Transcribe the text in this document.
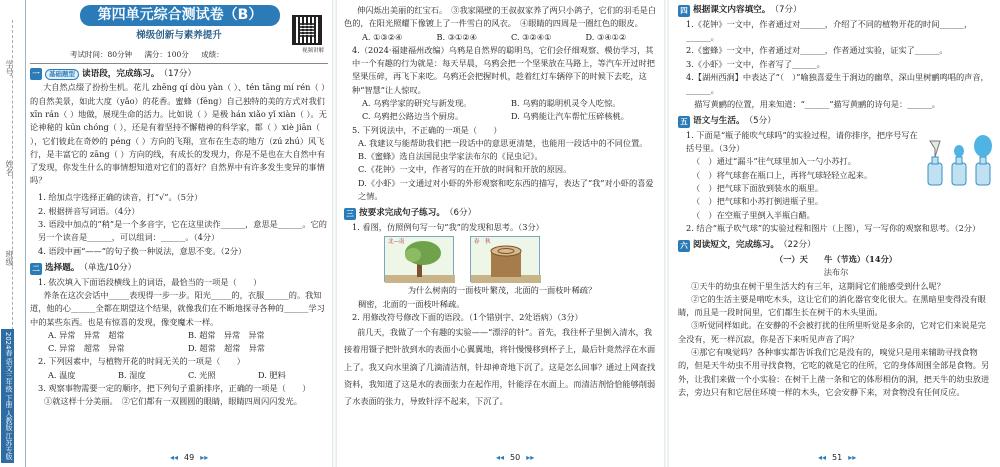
学号
姓名
班级
2024春 语文三年级 下册 人教版 江苏专版
第四单元综合测试卷（B）
梯级创新与素养提升
视频讲解
考试时间：80分钟 满分：100分 成绩：
一	基础题型 读语段，完成练习。 （17分）

大自然点缀了扮扮生机。花儿 zhēng qí dòu yàn（ ）、tén tāng mí rén（ ）的自然美景，如此大度（yǎo）的花香。蜜蜂（fēng）自己独特的美的方式对我们 xīn rán（ ）地做，展现生命的活力。比如说（ ）是极 hán xiǎo yǐ xiàn（ ）。无论神秘的 kūn chóng（ ），还是有着坚持不懈精神的科学家，都（ ）xiè jiān（ ），它们彼此在奇妙的 péng（ ）方向的飞翔，宣布在生态的地方（zú zhú）风飞行，是丰富它的 zāng（ ）方向的线，有成长的发现力，你是不是也在大自然中有了发现，你发生什么的事情想知道对它们的喜好？自然界中有许多发生变异的事情吗？

1. 给加点字选择正确的读音，打“√”。（5分）
2. 根据拼音写词语。（4分）
3. 语段中加点的“稍”是一个多音字，它在这里读作______，意思是______。它的另一个读音是______，可以组词：______。（4分）
4. 语段中画“——”的句子换一种说法，意思不变。（2分）
二 选择题。 （单选/10分）
1. 依次填入下面语段横线上的词语，最恰当的一项是（　　）

养条在这次会话中_____表现得一步一步。阳光_____的，衣服______的。我知道，他的心______全都在期望这个结果，就像我们在不断地探寻各种的______学习中的某些东西。也是有惊喜的发现，像变魔术一样。

A. 异常　异常　超常	B. 超常　异常　异常
C. 异常　超常　异常	D. 超常　超常　异常
2. 下列因素中，与植物开花的时间无关的一项是（　　）
A. 温度	B. 湿度	C. 光照	D. 肥料
3. 观察事物需要一定的顺序，把下列句子重新排序，正确的一项是（　　）
①就这样十分美丽。　②它们都有一双圆圆的眼睛，眼睛四周闪闪发光。
◂◂ 49 ▸▸

伸闪烁出美丽的红宝石。　③我家隔壁的王叔叔家养了两只小鸽子，它们的羽毛是白色的，在阳光照耀下像镀上了一件雪白的风衣。　④眼睛的四周是一圈红色的眼皮。

A. ①③②④	B. ③①②④	C. ③②④①	D. ③④①②
4.（2024·福建福州改编）乌鸦是自然界的聪明鸟，它们会仔细观察、模仿学习，其中一个有趣的行为就是：每天早晨，乌鸦会把一个坚果放在马路上，等汽车开过时把坚果压碎，再飞下来吃。乌鸦还会把握时机，趁着红灯车辆停下的时候下去吃，这种“智慧”让人惊叹。
A. 乌鸦学家的研究与新发现。	B. 乌鸦的聪明机灵令人吃惊。
C. 乌鸦把公路边当个厨房。	D. 乌鸦能让汽车帮忙压碎核桃。
5. 下列说法中，不正确的一项是（　　）
A. 我建议与能帮助我们把一段话中的意思更清楚，也能用一段话中的不同位置。
B.《蜜蜂》选自法国昆虫学家法布尔的《昆虫记》。
C.《花钟》一文中，作者写的在开放的时间和开放的原因。
D.《小虾》一文通过对小虾的外形观察和吃东西的描写，表达了“我”对小虾的喜爱之情。
三 按要求完成句子练习。 （6分）
1. 看图，仿照例句写一句“我”的发现和思考。（3分）
北—南	春　秋
为什么树南的一面枝叶繁茂，北面的一面枝叶稀疏？
稠密，北面的一面枝叶稀疏。
2. 用修改符号修改下面的语段。（1个错别字、2处语病）（3分）

前几天，我做了一个有趣的实验——“漂浮的针”。首先，我往杯子里倒入清水，我接着用镊子把针放到水的表面小心翼翼地，将针慢慢移到杯子上，最后针竟然浮在水面上了。我又向水里滴了几滴清洁剂，针却神奇地下沉了。这是怎么回事？通过上网查找资料，我知道了这是水的表面张力在起作用，针能浮在水面上。而清洁剂恰恰能够削弱了水表面的张力，导致针浮不起来，下沉了。

◂◂ 50 ▸▸
四 根据课文内容填空。 （7分）
1.《花钟》一文中，作者通过对______，介绍了不同的植物开花的时间______，______。
2.《蜜蜂》一文中，作者通过对______，作者通过实验，证实了______。
3.《小虾》一文中，作者写了______。
4.【湖州西涧】中表达了“（　）”喻独喜爱生于涧边的幽草，深山里树鹂鸣唱的声音，______。
　描写黄鹂的位置，用来知道：“______”描写黄鹂的诗句是：______。
五 语文与生活。 （5分）
1. 下面是“瓶子能吹气球吗”的实验过程，请你排序，把序号写在括号里。（3分）
（　）通过“漏斗”往气球里加入一勺小苏打。
（　）将气球套在瓶口上，再将气球轻轻立起来。
（　）把气球下面放到装水的瓶里。
（　）把气球和小苏打倒进瓶子里。
（　）在空瓶子里倒入半瓶白醋。
2. 结合“瓶子吹气球”的实验过程和图片（上图），写一写你的观察和思考。（2分）
六 阅读短文，完成练习。 （22分）
（一）天　　牛（节选）（14分）
法布尔

①天牛的幼虫在树干里生活大约有三年，这期间它们能感受到什么呢？

②它的生活主要是啃吃木头，这让它们的消化器官变化很大。在黑暗里变得没有眼睛，而且是一段时间里，它们都生长在树干的木头里面。

③听觉同样如此。在安静的不会被打扰的住所里听觉是多余的，它对它们来说是完全没有，死一样沉寂，你是否下来听见声音了吗？

④那它有嗅觉吗？各种事实都告诉我们它是没有的，嗅觉只是用来辅助寻找食物的，但是天牛幼虫不用寻找食物，它吃的就是它的住所，它的身体周围全部是食物。另外，让我们来做一个小实验：在树干上凿一条和它的体形相仿的洞，把天牛的幼虫放进去，旁边只有和它居住环境一样的木头，它会安静下来，对食物没有任何反应。

◂◂ 51 ▸▸
